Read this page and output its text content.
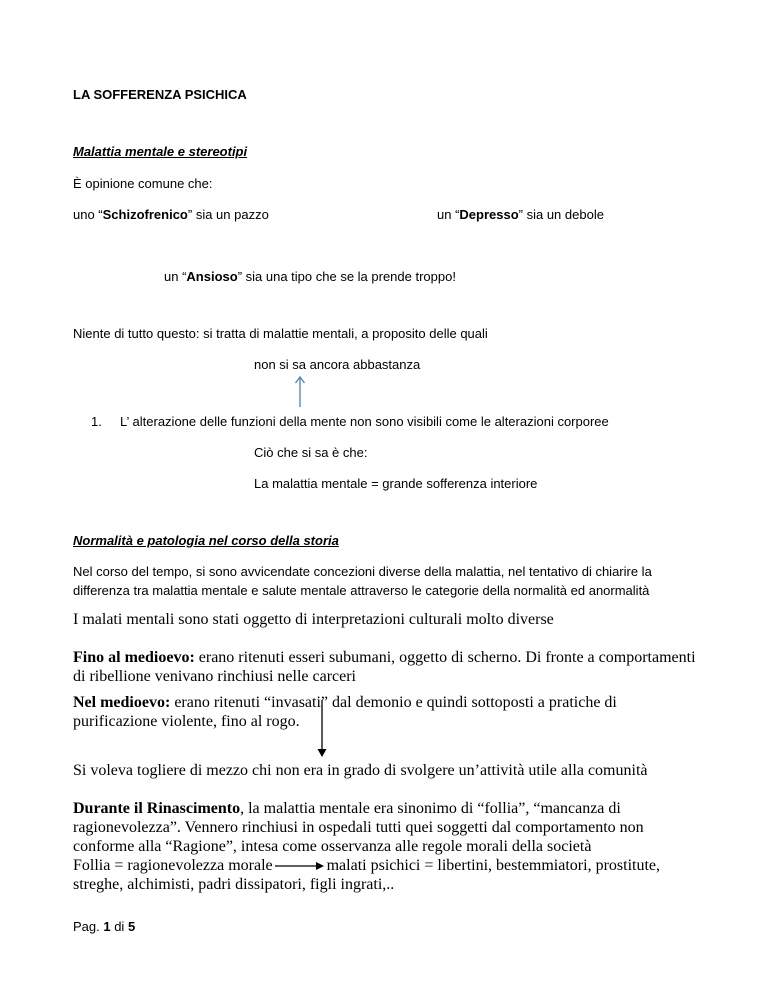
LA SOFFERENZA PSICHICA
Malattia mentale e stereotipi
È opinione comune che:
uno “Schizofrenico” sia un pazzo	un “Depresso” sia un debole
un “Ansioso” sia una tipo che se la prende troppo!
Niente di tutto questo: si tratta di malattie mentali, a proposito delle quali
non si sa ancora abbastanza
1. L’ alterazione delle funzioni della mente non sono visibili come le alterazioni corporee
Ciò che si sa è che:
La malattia mentale = grande sofferenza interiore
Normalità e patologia nel corso della storia
Nel corso del tempo, si sono avvicendate concezioni diverse della malattia, nel tentativo di chiarire la
differenza tra malattia mentale e salute mentale attraverso le categorie della normalità ed anormalità
I malati mentali sono stati oggetto di interpretazioni culturali molto diverse
Fino al medioevo: erano ritenuti esseri subumani, oggetto di scherno. Di fronte a comportamenti di ribellione venivano rinchiusi nelle carceri
Nel medioevo: erano ritenuti “invasati” dal demonio e quindi sottoposti a pratiche di purificazione violente, fino al rogo.
Si voleva togliere di mezzo chi non era in grado di svolgere un’attività utile alla comunità
Durante il Rinascimento, la malattia mentale era sinonimo di “follia”, “mancanza di ragionevolezza”. Vennero rinchiusi in ospedali tutti quei soggetti dal comportamento non conforme alla “Ragione”, intesa come osservanza alle regole morali della società
Follia = ragionevolezza morale	malati psichici = libertini, bestemmiatori, prostitute, streghe, alchimisti, padri dissipatori, figli ingrati,..
Pag. 1 di 5
